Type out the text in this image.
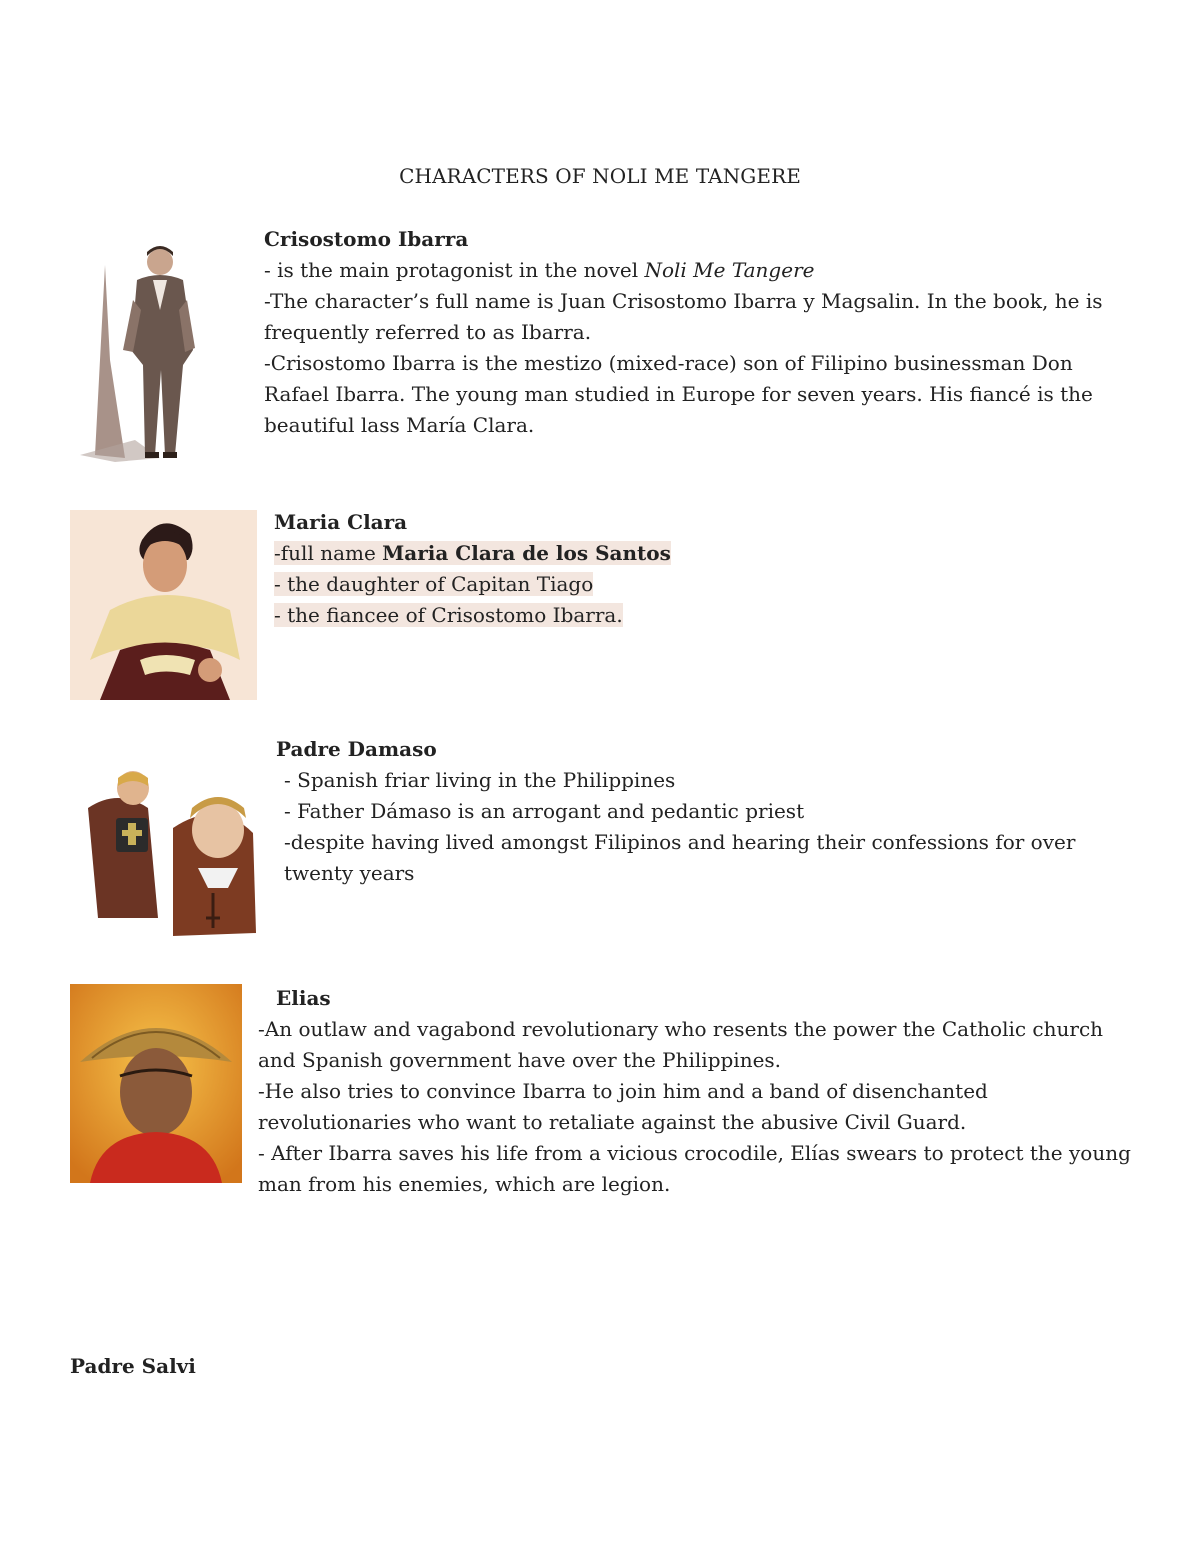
CHARACTERS OF NOLI ME TANGERE

Crisostomo Ibarra

- is the main protagonist in the novel Noli Me Tangere

-The character’s full name is Juan Crisostomo Ibarra y Magsalin. In the book, he is frequently referred to as Ibarra.

-Crisostomo Ibarra is the mestizo (mixed-race) son of Filipino businessman Don Rafael Ibarra. The young man studied in Europe for seven years. His fiancé is the beautiful lass María Clara.

Maria Clara

-full name Maria Clara de los Santos

- the daughter of Capitan Tiago

- the fiancee of Crisostomo Ibarra.

Padre Damaso

- Spanish friar living in the Philippines

- Father Dámaso is an arrogant and pedantic priest

-despite having lived amongst Filipinos and hearing their confessions for over twenty years

Elias

-An outlaw and vagabond revolutionary who resents the power the Catholic church and Spanish government have over the Philippines.

-He also tries to convince Ibarra to join him and a band of disenchanted revolutionaries who want to retaliate against the abusive Civil Guard.

- After Ibarra saves his life from a vicious crocodile, Elías swears to protect the young man from his enemies, which are legion.

Padre Salvi
